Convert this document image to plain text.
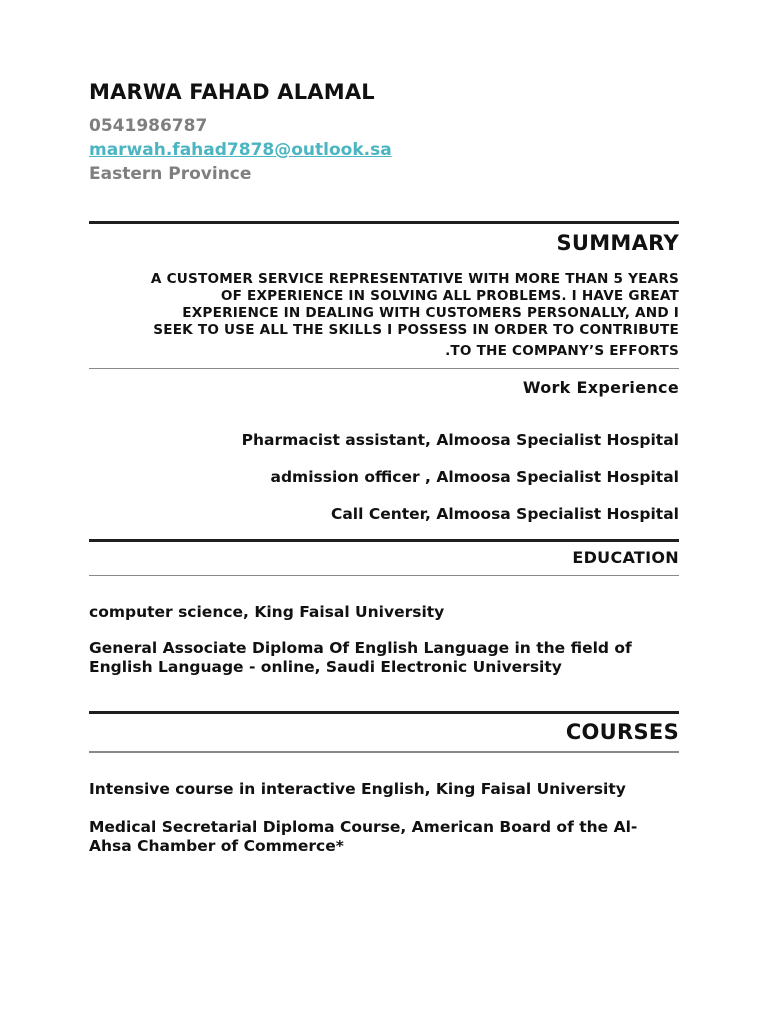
MARWA FAHAD ALAMAL
0541986787
marwah.fahad7878@outlook.sa
Eastern Province
SUMMARY
A CUSTOMER SERVICE REPRESENTATIVE WITH MORE THAN 5 YEARS
OF EXPERIENCE IN SOLVING ALL PROBLEMS. I HAVE GREAT
EXPERIENCE IN DEALING WITH CUSTOMERS PERSONALLY, AND I
SEEK TO USE ALL THE SKILLS I POSSESS IN ORDER TO CONTRIBUTE
.TO THE COMPANY’S EFFORTS
Work Experience
Pharmacist assistant, Almoosa Specialist Hospital
admission officer , Almoosa Specialist Hospital
Call Center, Almoosa Specialist Hospital
EDUCATION
computer science, King Faisal University
General Associate Diploma Of English Language in the field of English Language - online, Saudi Electronic University
COURSES
Intensive course in interactive English, King Faisal University
Medical Secretarial Diploma Course, American Board of the Al-Ahsa Chamber of Commerce*
